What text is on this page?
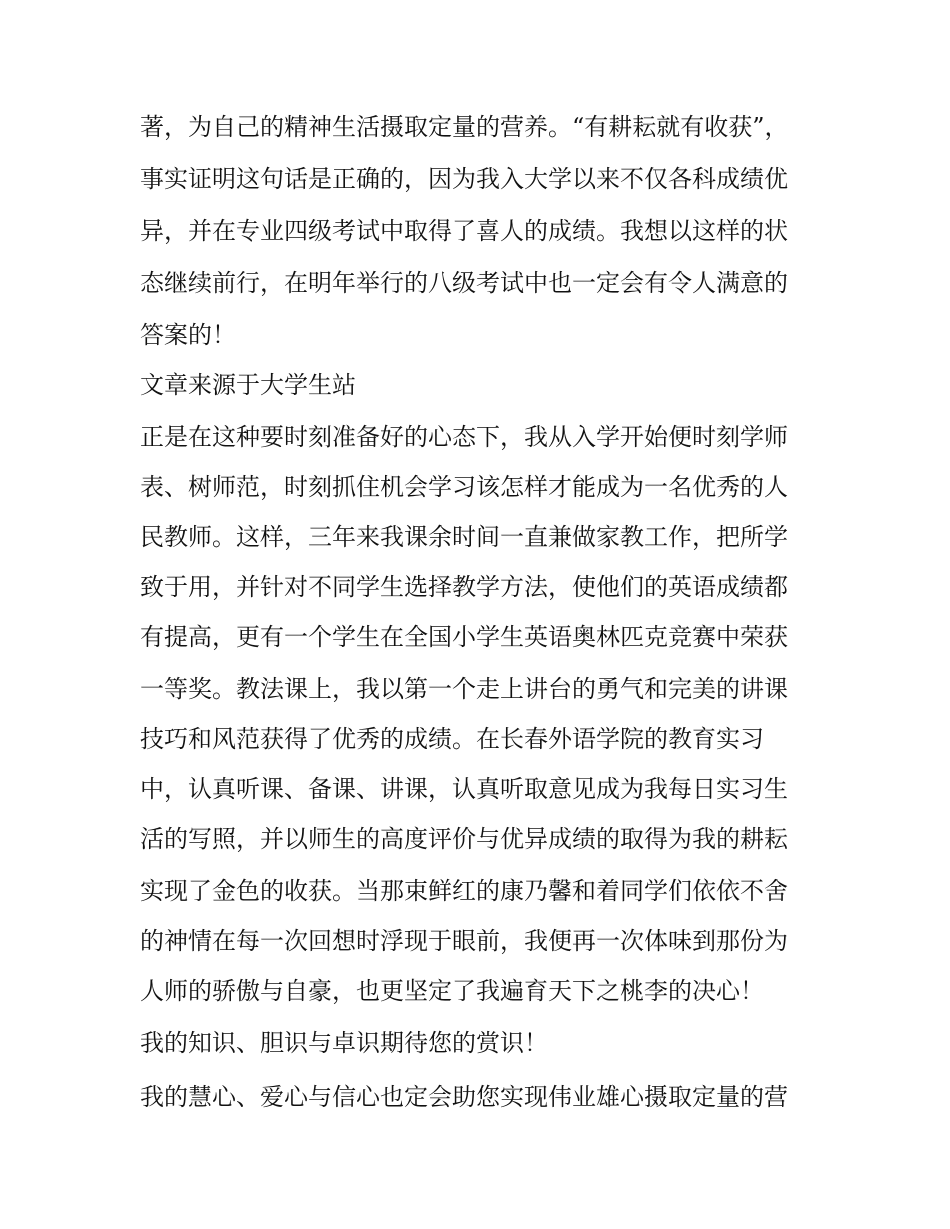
著，为自己的精神生活摄取定量的营养。“有耕耘就有收获”，
事实证明这句话是正确的，因为我入大学以来不仅各科成绩优
异，并在专业四级考试中取得了喜人的成绩。我想以这样的状
态继续前行，在明年举行的八级考试中也一定会有令人满意的
答案的！
文章来源于大学生站
正是在这种要时刻准备好的心态下，我从入学开始便时刻学师
表、树师范，时刻抓住机会学习该怎样才能成为一名优秀的人
民教师。这样，三年来我课余时间一直兼做家教工作，把所学
致于用，并针对不同学生选择教学方法，使他们的英语成绩都
有提高，更有一个学生在全国小学生英语奥林匹克竞赛中荣获
一等奖。教法课上，我以第一个走上讲台的勇气和完美的讲课
技巧和风范获得了优秀的成绩。在长春外语学院的教育实习
中，认真听课、备课、讲课，认真听取意见成为我每日实习生
活的写照，并以师生的高度评价与优异成绩的取得为我的耕耘
实现了金色的收获。当那束鲜红的康乃馨和着同学们依依不舍
的神情在每一次回想时浮现于眼前，我便再一次体味到那份为
人师的骄傲与自豪，也更坚定了我遍育天下之桃李的决心！
我的知识、胆识与卓识期待您的赏识！
我的慧心、爱心与信心也定会助您实现伟业雄心摄取定量的营
